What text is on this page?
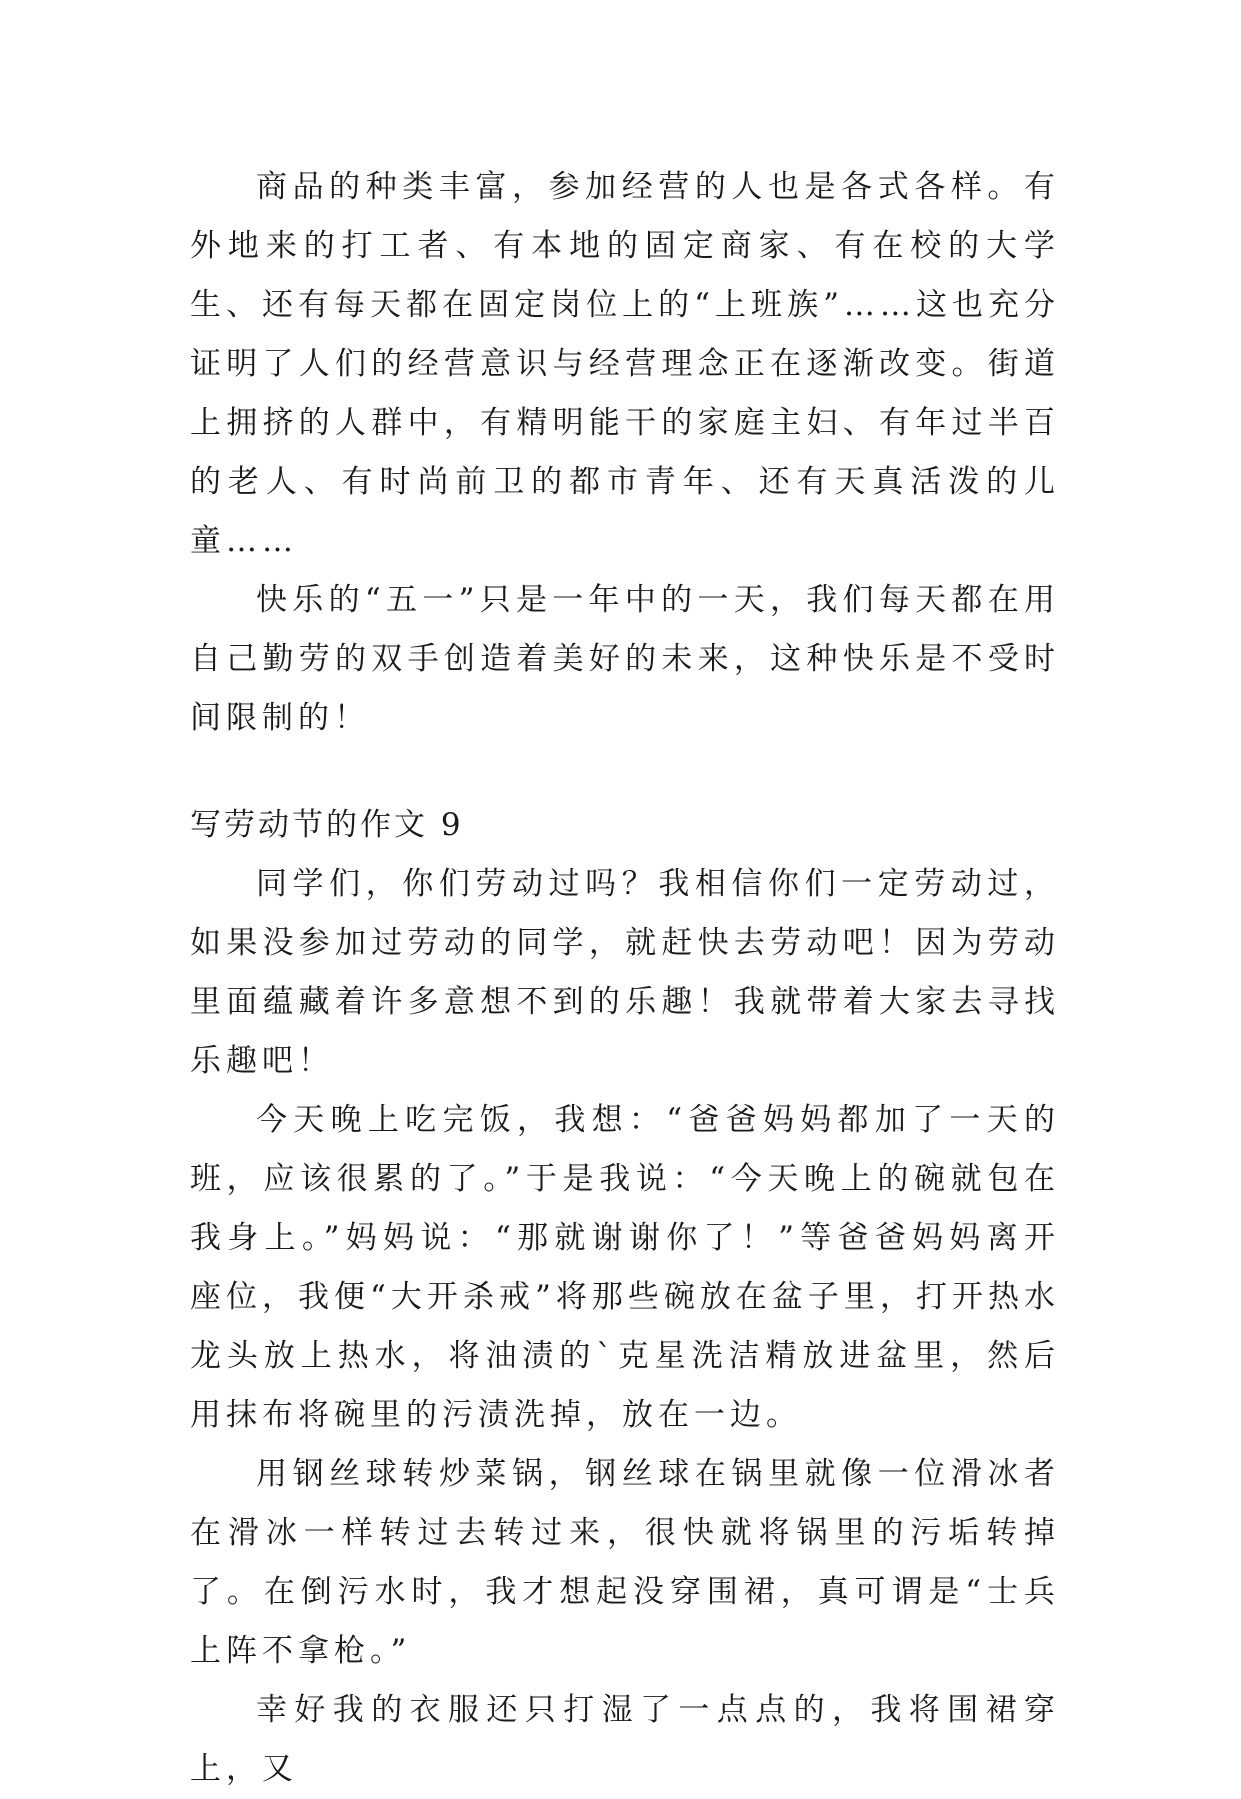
商品的种类丰富，参加经营的人也是各式各样。有外地来的打工者、有本地的固定商家、有在校的大学生、还有每天都在固定岗位上的“上班族”……这也充分证明了人们的经营意识与经营理念正在逐渐改变。街道上拥挤的人群中，有精明能干的家庭主妇、有年过半百的老人、有时尚前卫的都市青年、还有天真活泼的儿童……

快乐的“五一”只是一年中的一天，我们每天都在用自己勤劳的双手创造着美好的未来，这种快乐是不受时间限制的！

写劳动节的作文 9

同学们，你们劳动过吗？我相信你们一定劳动过，如果没参加过劳动的同学，就赶快去劳动吧！因为劳动里面蕴藏着许多意想不到的乐趣！我就带着大家去寻找乐趣吧！

今天晚上吃完饭，我想：“爸爸妈妈都加了一天的班，应该很累的了。”于是我说：“今天晚上的碗就包在我身上。”妈妈说：“那就谢谢你了！”等爸爸妈妈离开座位，我便“大开杀戒”将那些碗放在盆子里，打开热水龙头放上热水，将油渍的`克星洗洁精放进盆里，然后用抹布将碗里的污渍洗掉，放在一边。

用钢丝球转炒菜锅，钢丝球在锅里就像一位滑冰者在滑冰一样转过去转过来，很快就将锅里的污垢转掉了。在倒污水时，我才想起没穿围裙，真可谓是“士兵上阵不拿枪。”

幸好我的衣服还只打湿了一点点的，我将围裙穿上，又
